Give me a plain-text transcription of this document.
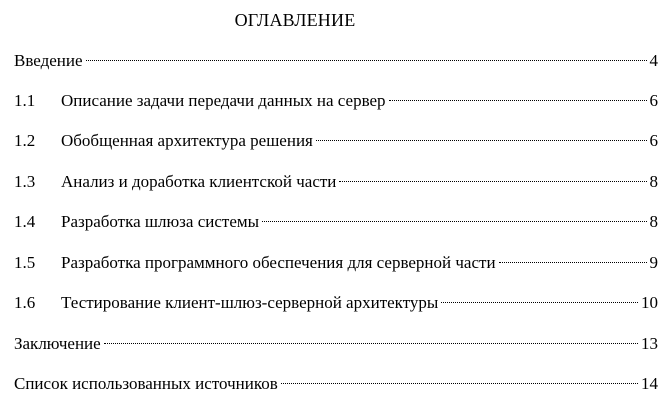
ОГЛАВЛЕНИЕ
Введение	4
1.1	Описание задачи передачи данных на сервер	6
1.2	Обобщенная архитектура решения	6
1.3	Анализ и доработка клиентской части	8
1.4	Разработка шлюза системы	8
1.5	Разработка программного обеспечения для серверной части	9
1.6	Тестирование клиент-шлюз-серверной архитектуры	10
Заключение	13
Список использованных источников	14
